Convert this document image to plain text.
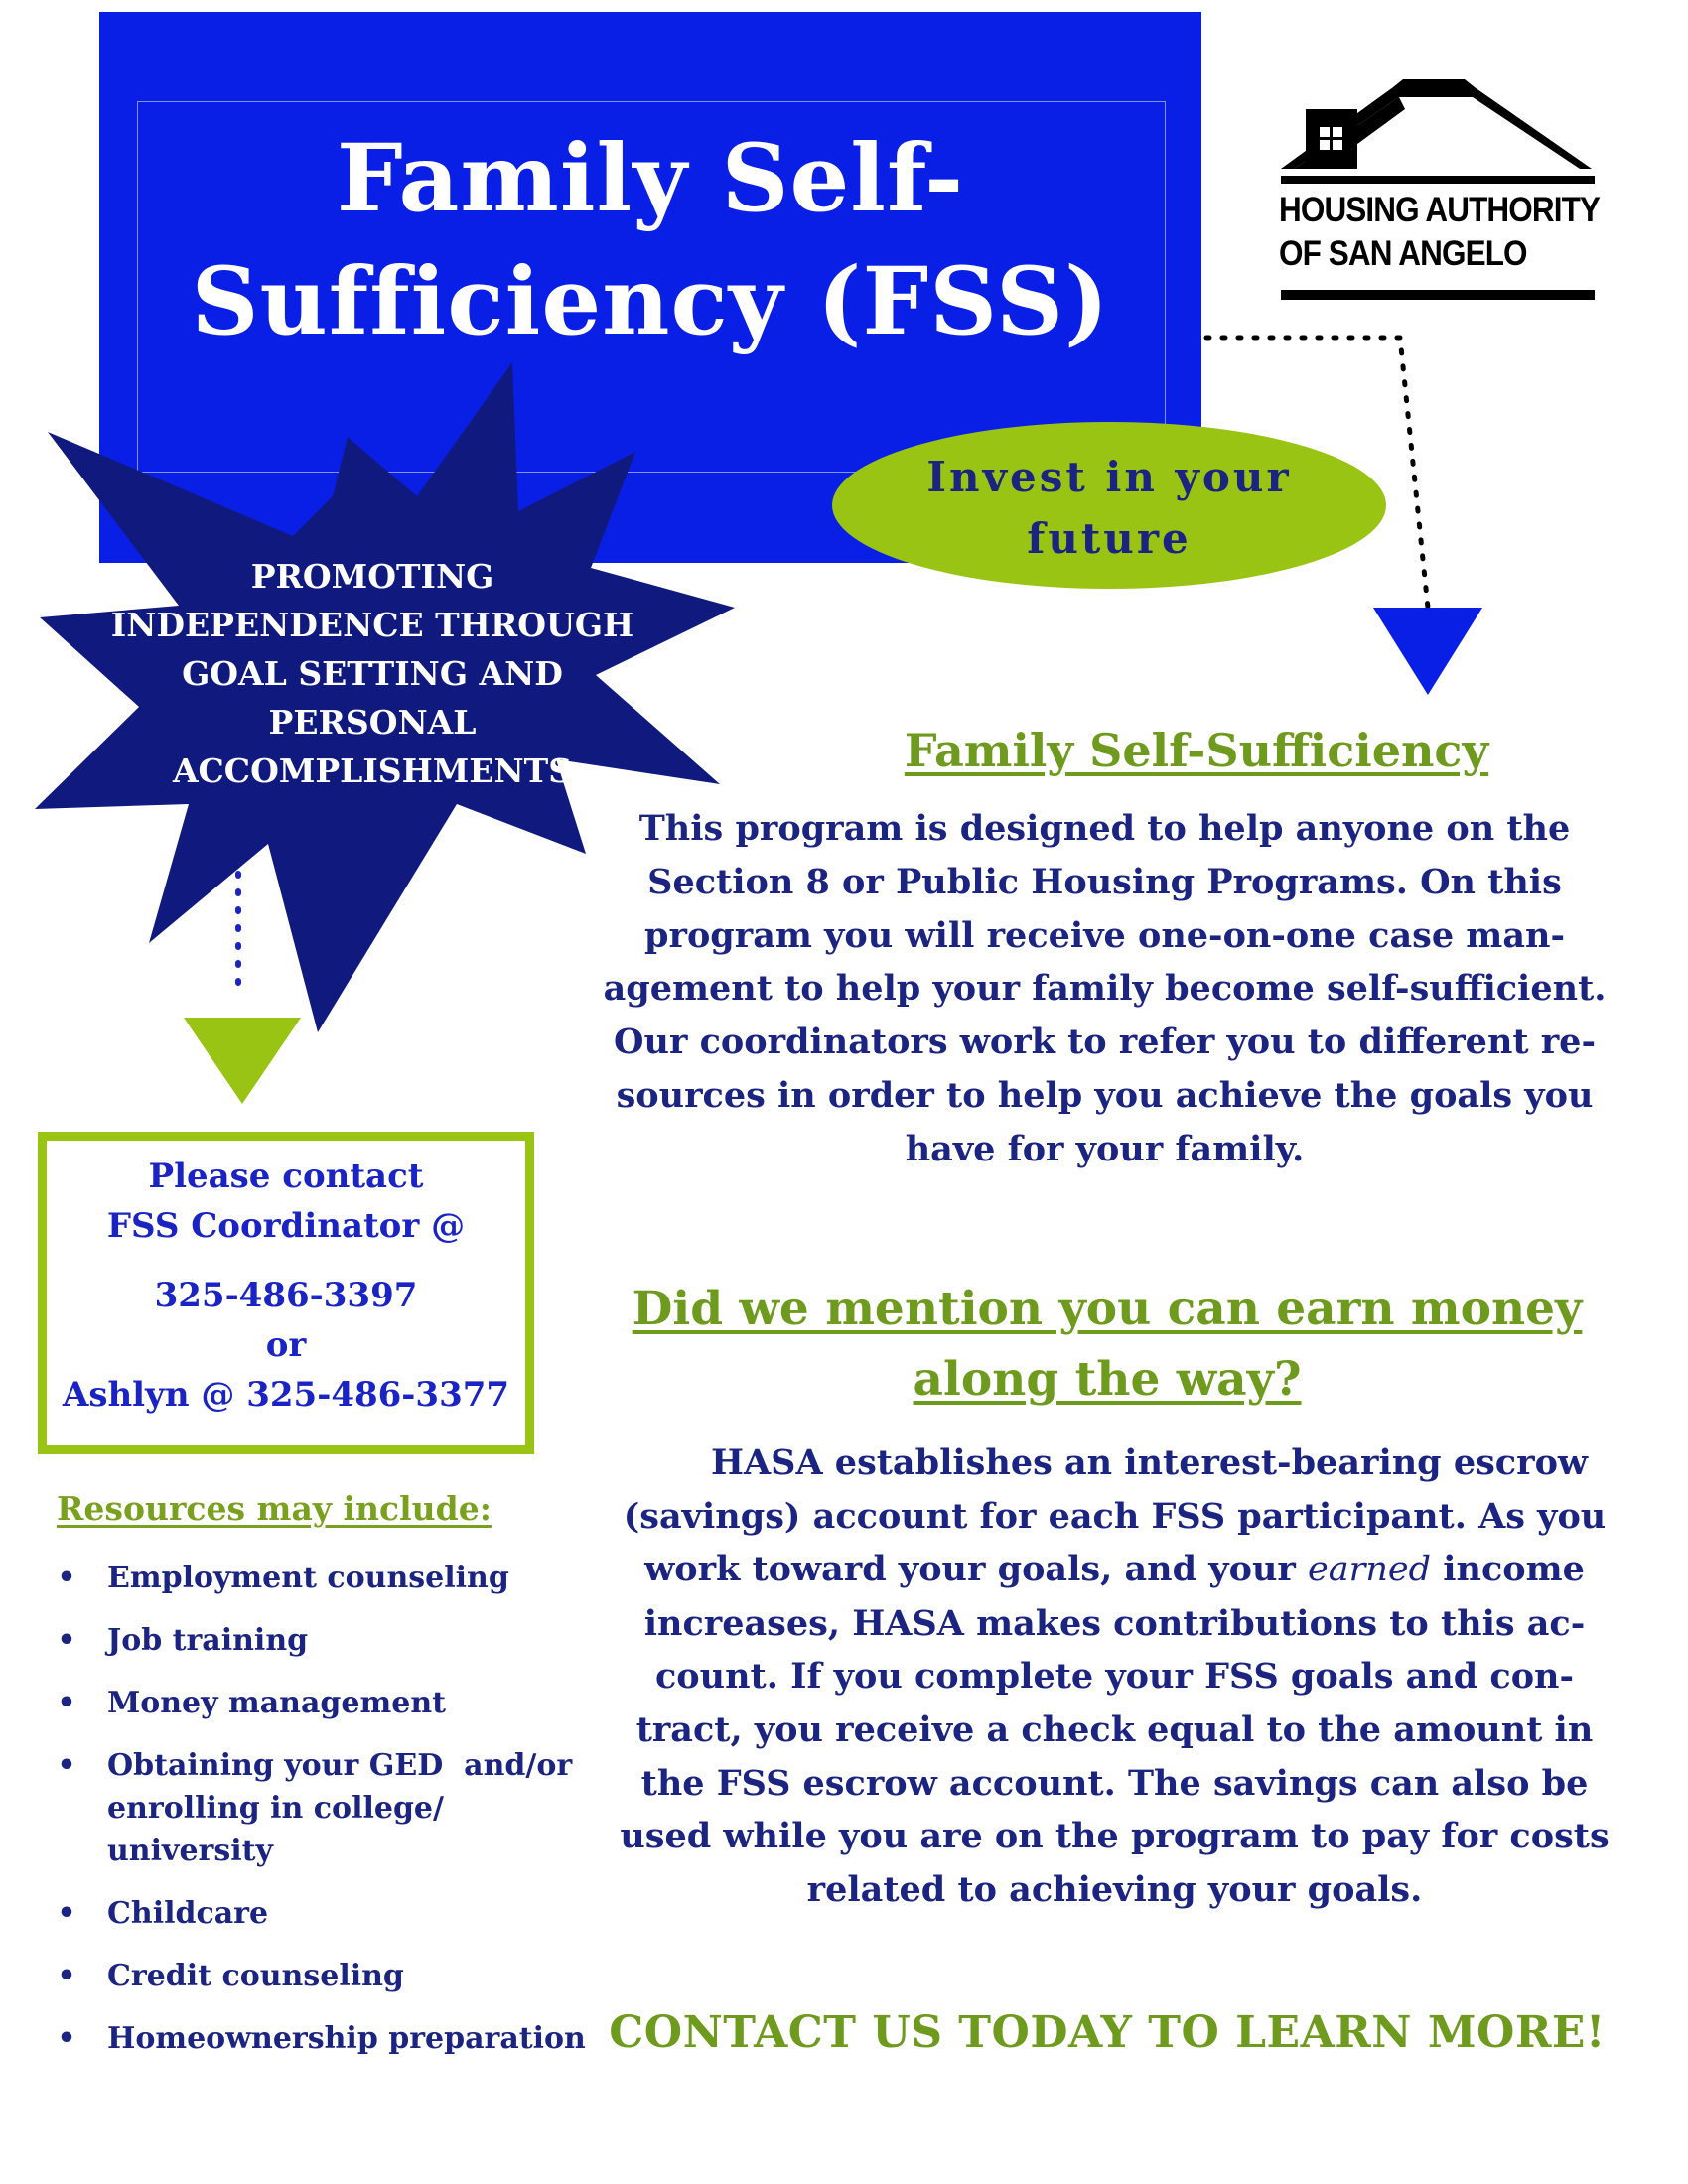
Family Self-
Sufficiency (FSS)
HOUSING AUTHORITY
OF SAN ANGELO
Invest in your
future
PROMOTING
INDEPENDENCE THROUGH
GOAL SETTING AND
PERSONAL
ACCOMPLISHMENTS
Please contact
FSS Coordinator @
325-486-3397
or
Ashlyn @ 325-486-3377
Resources may include:
• Employment counseling
• Job training
• Money management
• Obtaining your GED  and/or
enrolling in college/
university
• Childcare
• Credit counseling
• Homeownership preparation
Family Self-Sufficiency
This program is designed to help anyone on the
Section 8 or Public Housing Programs. On this
program you will receive one-on-one case man-
agement to help your family become self-sufficient.
Our coordinators work to refer you to different re-
sources in order to help you achieve the goals you
have for your family.
Did we mention you can earn money
along the way?
HASA establishes an interest-bearing escrow
(savings) account for each FSS participant. As you
work toward your goals, and your earned income
increases, HASA makes contributions to this ac-
count. If you complete your FSS goals and con-
tract, you receive a check equal to the amount in
the FSS escrow account. The savings can also be
used while you are on the program to pay for costs
related to achieving your goals.
CONTACT US TODAY TO LEARN MORE!
